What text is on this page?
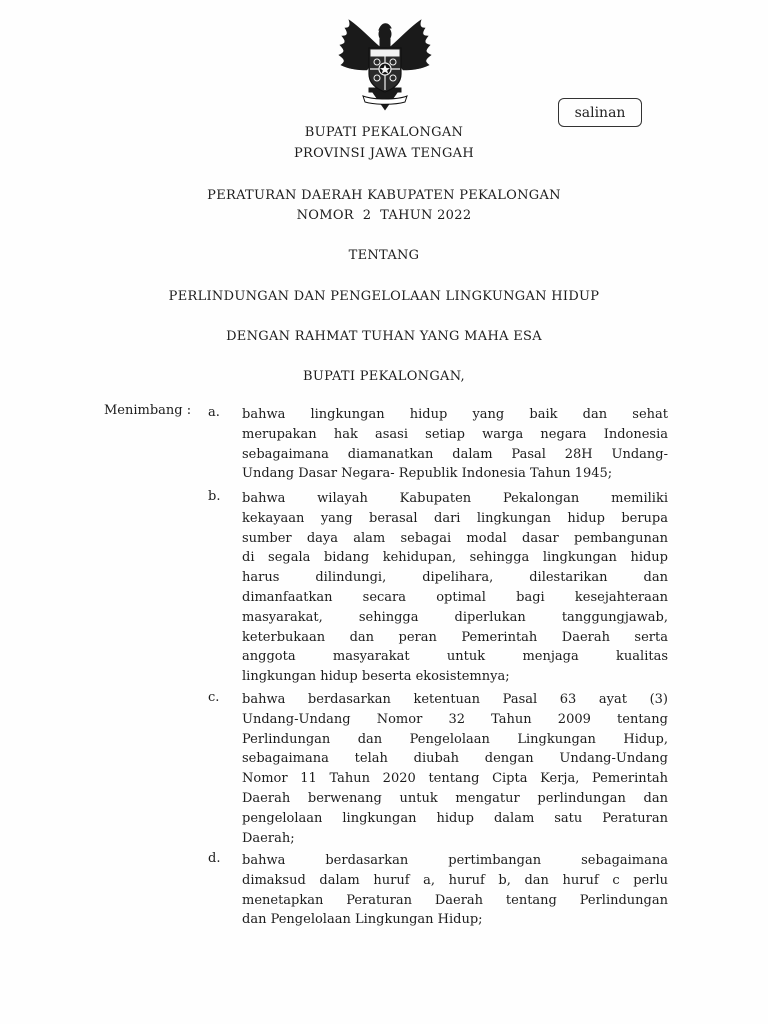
salinan
BUPATI PEKALONGAN
PROVINSI JAWA TENGAH
PERATURAN DAERAH KABUPATEN PEKALONGAN
NOMOR  2  TAHUN 2022
TENTANG
PERLINDUNGAN DAN PENGELOLAAN LINGKUNGAN HIDUP
DENGAN RAHMAT TUHAN YANG MAHA ESA
BUPATI PEKALONGAN,
Menimbang : a. bahwa lingkungan hidup yang baik dan sehat
merupakan hak asasi setiap warga negara Indonesia
sebagaimana diamanatkan dalam Pasal 28H Undang-
Undang Dasar Negara- Republik Indonesia Tahun 1945;
b. bahwa wilayah Kabupaten Pekalongan memiliki
kekayaan yang berasal dari lingkungan hidup berupa
sumber daya alam sebagai modal dasar pembangunan
di segala bidang kehidupan, sehingga lingkungan hidup
harus dilindungi, dipelihara, dilestarikan dan
dimanfaatkan secara optimal bagi kesejahteraan
masyarakat, sehingga diperlukan tanggungjawab,
keterbukaan dan peran Pemerintah Daerah serta
anggota masyarakat untuk menjaga kualitas
lingkungan hidup beserta ekosistemnya;
c. bahwa berdasarkan ketentuan Pasal 63 ayat (3)
Undang-Undang Nomor 32 Tahun 2009 tentang
Perlindungan dan Pengelolaan Lingkungan Hidup,
sebagaimana telah diubah dengan Undang-Undang
Nomor 11 Tahun 2020 tentang Cipta Kerja, Pemerintah
Daerah berwenang untuk mengatur perlindungan dan
pengelolaan lingkungan hidup dalam satu Peraturan
Daerah;
d. bahwa berdasarkan pertimbangan sebagaimana
dimaksud dalam huruf a, huruf b, dan huruf c perlu
menetapkan Peraturan Daerah tentang Perlindungan
dan Pengelolaan Lingkungan Hidup;
